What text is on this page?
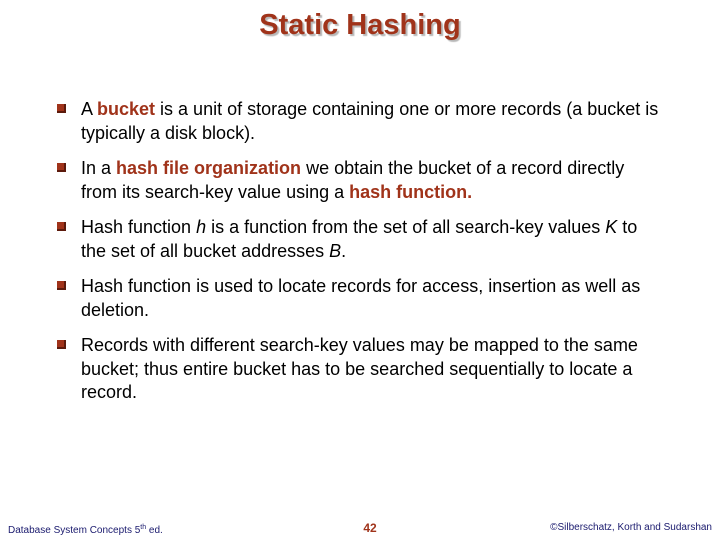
Static Hashing
A bucket is a unit of storage containing one or more records (a bucket is typically a disk block).
In a hash file organization we obtain the bucket of a record directly from its search-key value using a hash function.
Hash function h is a function from the set of all search-key values K to the set of all bucket addresses B.
Hash function is used to locate records for access, insertion as well as deletion.
Records with different search-key values may be mapped to the same bucket; thus entire bucket has to be searched sequentially to locate a record.
Database System Concepts 5th ed.	42	©Silberschatz, Korth and Sudarshan
